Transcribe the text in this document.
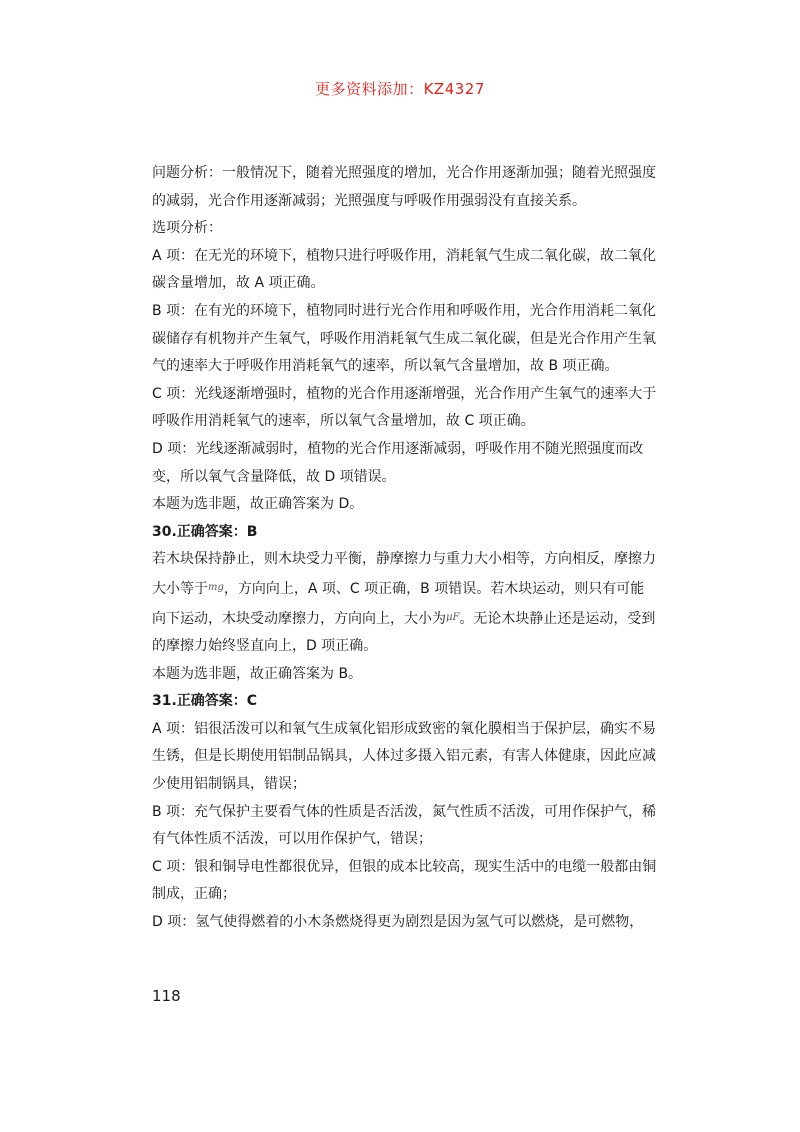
更多资料添加：KZ4327

问题分析：一般情况下，随着光照强度的增加，光合作用逐渐加强；随着光照强度的减弱，光合作用逐渐减弱；光照强度与呼吸作用强弱没有直接关系。

选项分析：

A 项：在无光的环境下，植物只进行呼吸作用，消耗氧气生成二氧化碳，故二氧化碳含量增加，故 A 项正确。

B 项：在有光的环境下，植物同时进行光合作用和呼吸作用，光合作用消耗二氧化碳储存有机物并产生氧气，呼吸作用消耗氧气生成二氧化碳，但是光合作用产生氧气的速率大于呼吸作用消耗氧气的速率，所以氧气含量增加，故 B 项正确。

C 项：光线逐渐增强时，植物的光合作用逐渐增强，光合作用产生氧气的速率大于呼吸作用消耗氧气的速率，所以氧气含量增加，故 C 项正确。

D 项：光线逐渐减弱时，植物的光合作用逐渐减弱，呼吸作用不随光照强度而改变，所以氧气含量降低，故 D 项错误。

本题为选非题，故正确答案为 D。

30.正确答案：B

若木块保持静止，则木块受力平衡，静摩擦力与重力大小相等，方向相反，摩擦力大小等于$^{mg}$，方向向上，A 项、C 项正确，B 项错误。若木块运动，则只有可能向下运动，木块受动摩擦力，方向向上，大小为$^{\mu F}$。无论木块静止还是运动，受到的摩擦力始终竖直向上，D 项正确。

本题为选非题，故正确答案为 B。

31.正确答案：C

A 项：铝很活泼可以和氧气生成氧化铝形成致密的氧化膜相当于保护层，确实不易生锈，但是长期使用铝制品锅具，人体过多摄入铝元素，有害人体健康，因此应减少使用铝制锅具，错误；

B 项：充气保护主要看气体的性质是否活泼，氮气性质不活泼，可用作保护气，稀有气体性质不活泼，可以用作保护气，错误；

C 项：银和铜导电性都很优异，但银的成本比较高，现实生活中的电缆一般都由铜制成，正确；

D 项：氢气使得燃着的小木条燃烧得更为剧烈是因为氢气可以燃烧，是可燃物，

118
